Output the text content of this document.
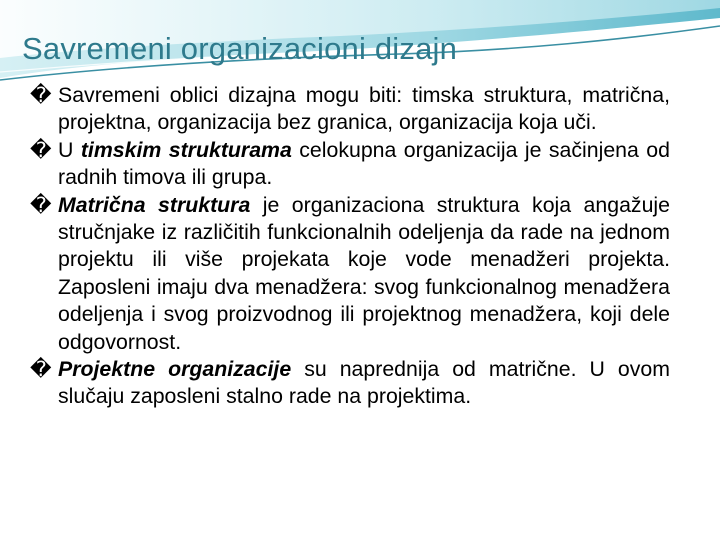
Savremeni organizacioni dizajn
� Savremeni oblici dizajna mogu biti: timska struktura, matrična, projektna, organizacija bez granica, organizacija koja uči.
� U timskim strukturama celokupna organizacija je sačinjena od radnih timova ili grupa.
� Matrična struktura je organizaciona struktura koja angažuje stručnjake iz različitih funkcionalnih odeljenja da rade na jednom projektu ili više projekata koje vode menadžeri projekta. Zaposleni imaju dva menadžera: svog funkcionalnog menadžera odeljenja i svog proizvodnog ili projektnog menadžera, koji dele odgovornost.
� Projektne organizacije su naprednija od matrične. U ovom slučaju zaposleni stalno rade na projektima.
